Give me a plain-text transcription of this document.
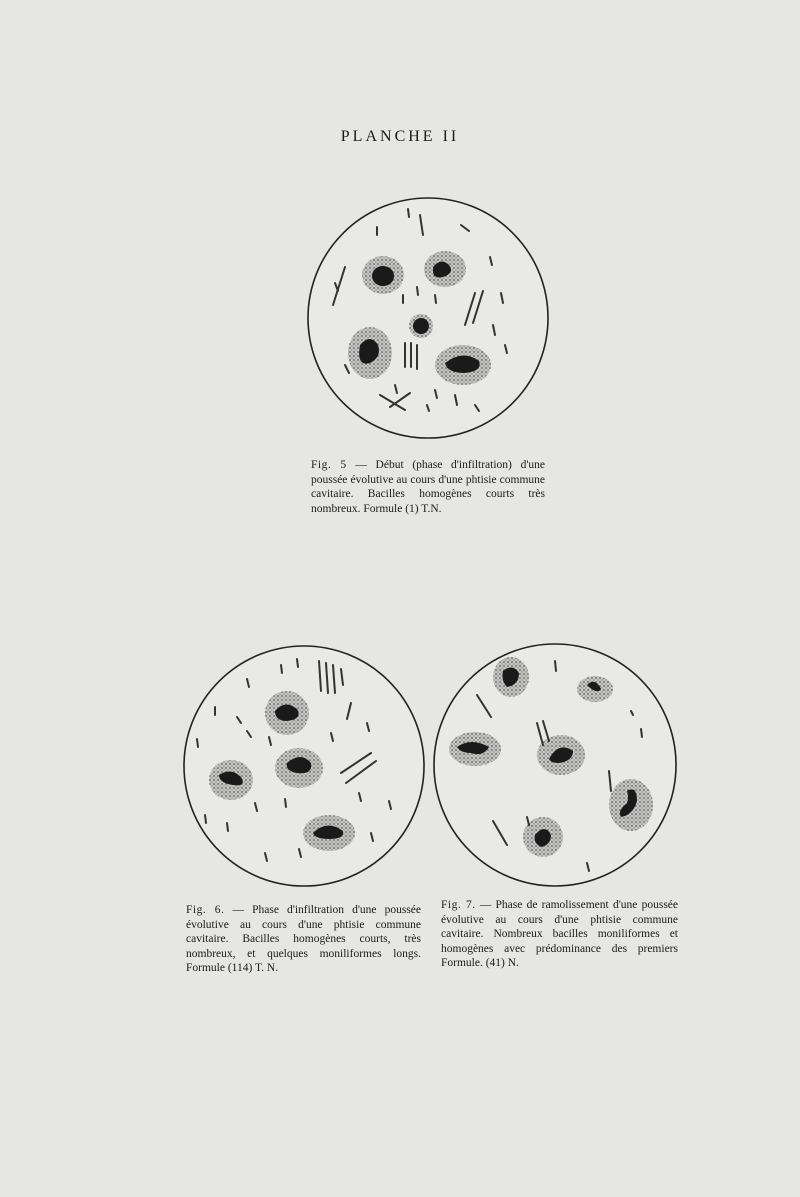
PLANCHE II
Fig. 5 — Début (phase d'infiltration) d'une poussée évolutive au cours d'une phtisie commune cavitaire. Bacilles homogènes courts très nombreux. Formule (1) T.N.
Fig. 6. — Phase d'infiltration d'une poussée évolutive au cours d'une phtisie commune cavitaire. Bacilles homogènes courts, très nombreux, et quelques moniliformes longs. Formule (114) T. N.
Fig. 7. — Phase de ramolissement d'une poussée évolutive au cours d'une phtisie commune cavitaire. Nombreux bacilles moniliformes et homogènes avec prédominance des premiers Formule. (41) N.
